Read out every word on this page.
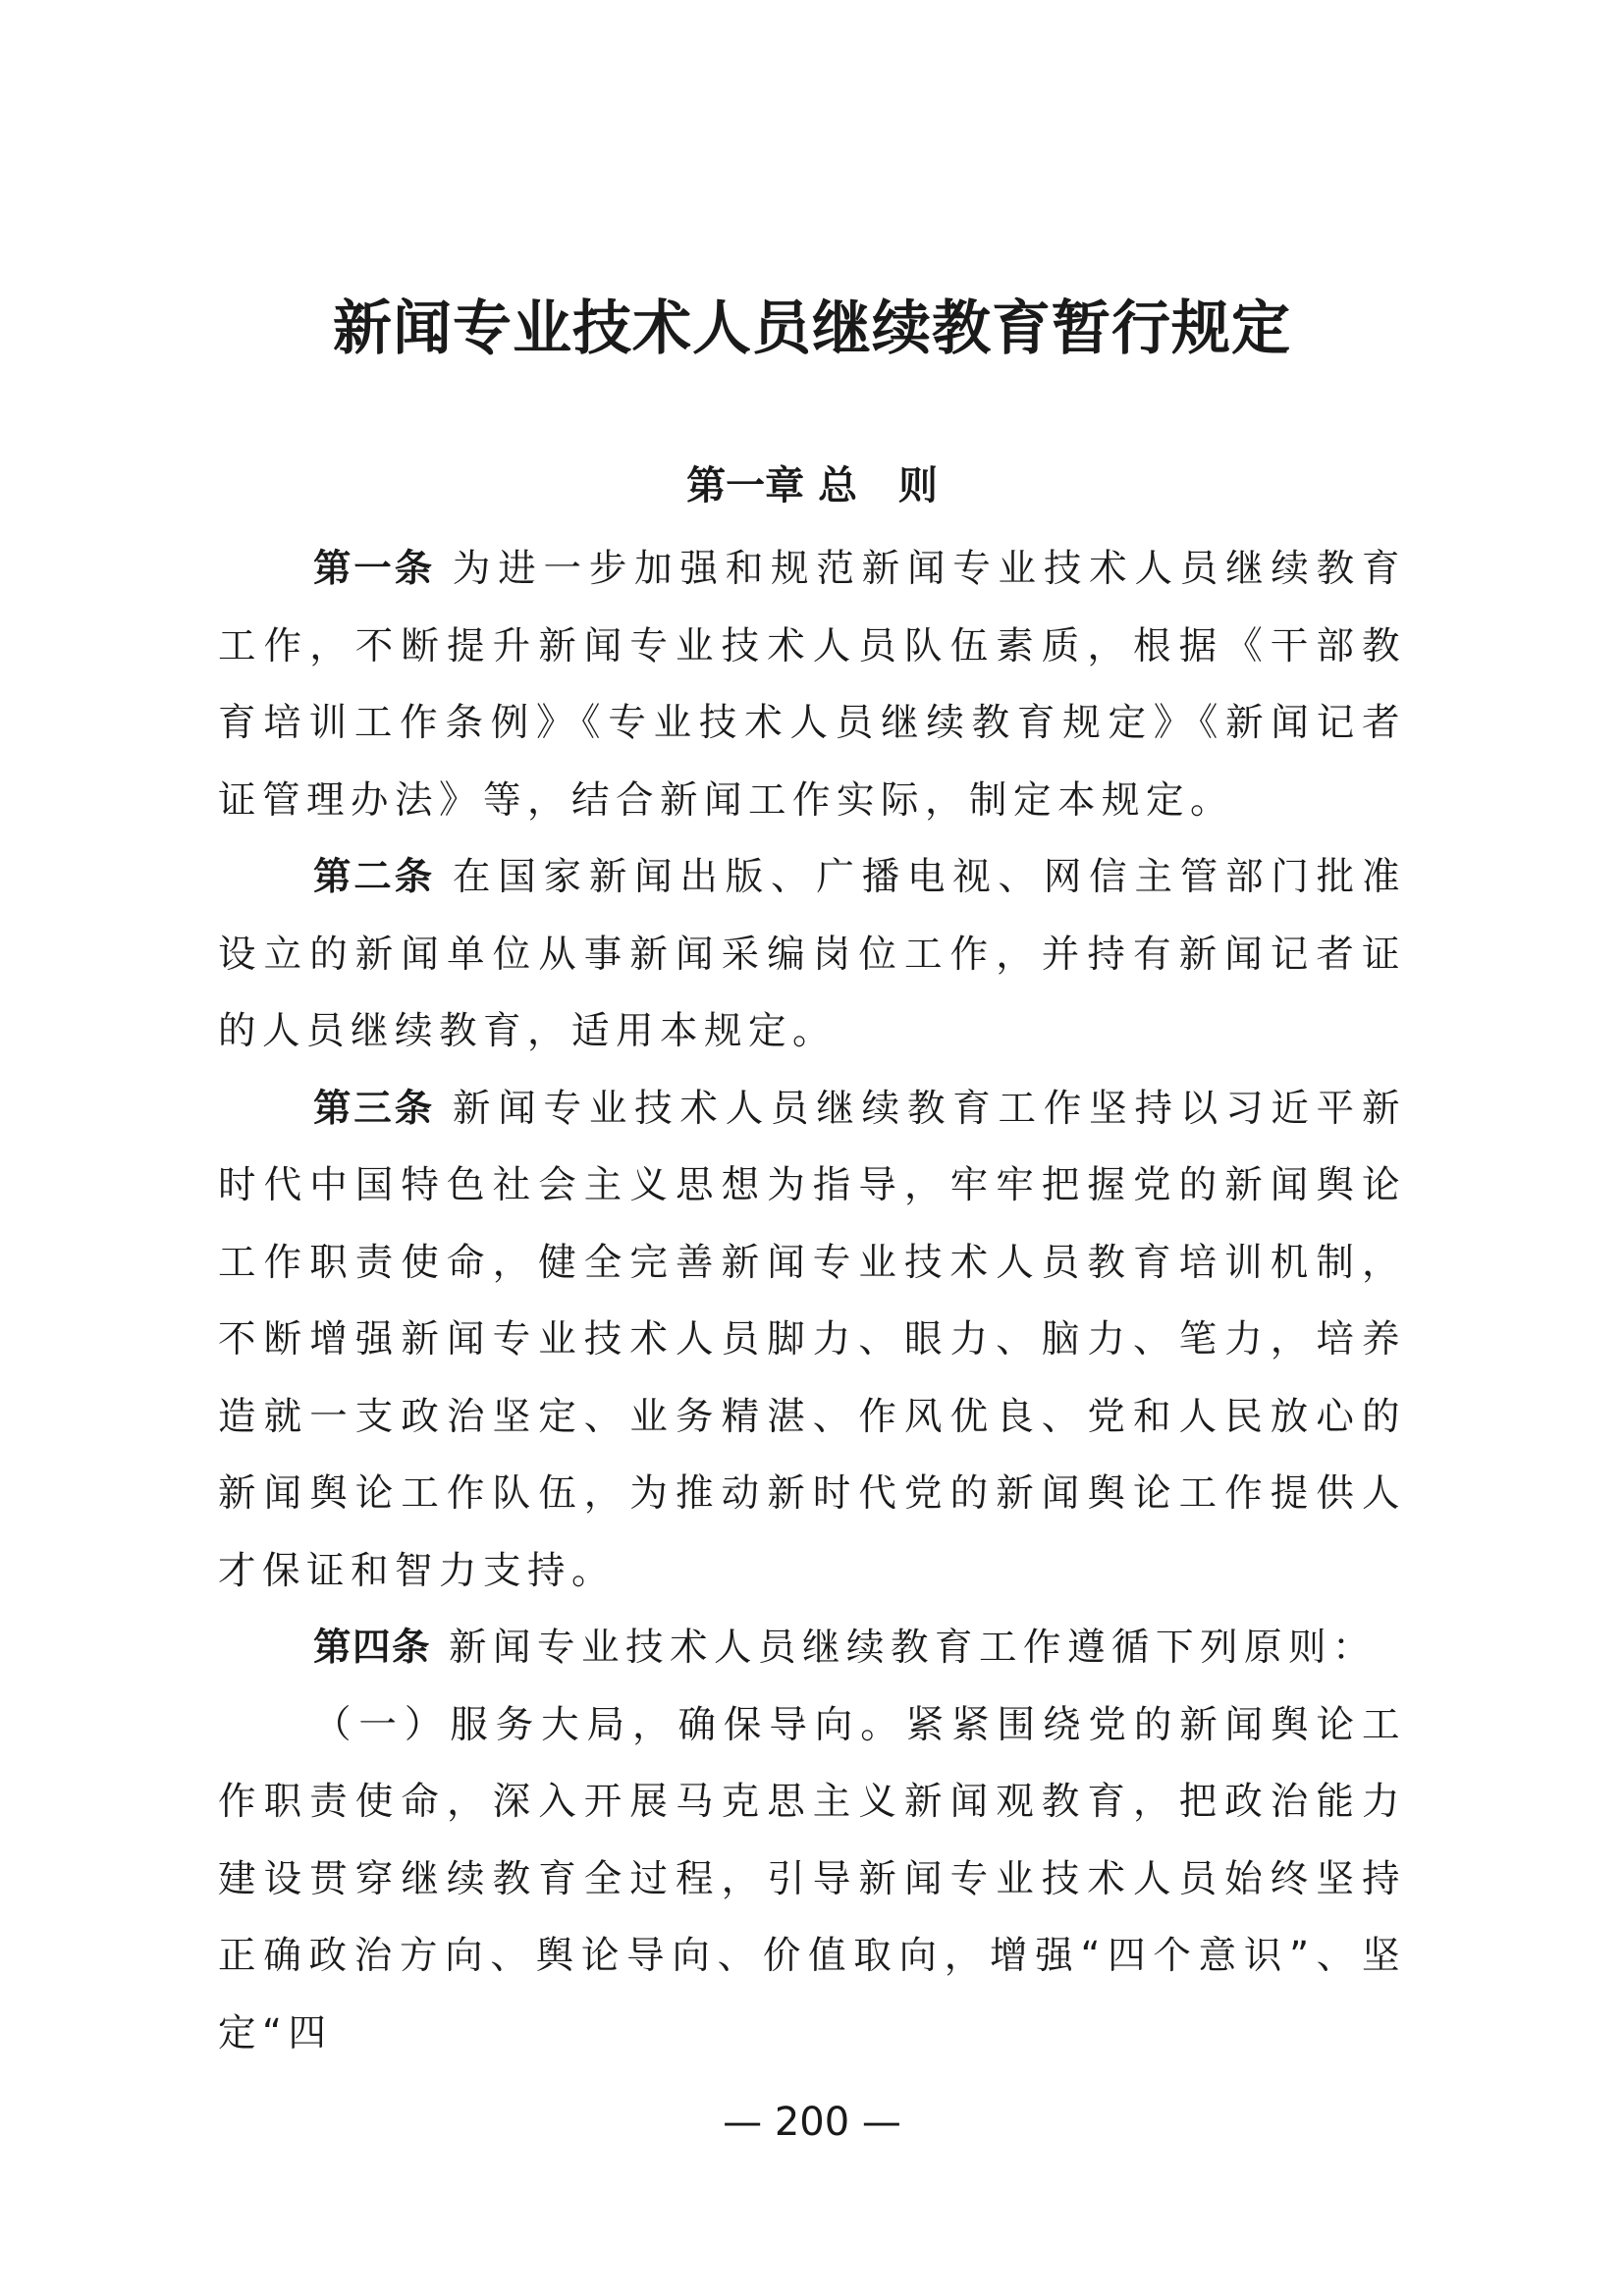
新闻专业技术人员继续教育暂行规定
第一章 总   则

第一条 为进一步加强和规范新闻专业技术人员继续教育工作，不断提升新闻专业技术人员队伍素质，根据《干部教育培训工作条例》《专业技术人员继续教育规定》《新闻记者证管理办法》等，结合新闻工作实际，制定本规定。

第二条 在国家新闻出版、广播电视、网信主管部门批准设立的新闻单位从事新闻采编岗位工作，并持有新闻记者证的人员继续教育，适用本规定。

第三条 新闻专业技术人员继续教育工作坚持以习近平新时代中国特色社会主义思想为指导，牢牢把握党的新闻舆论工作职责使命，健全完善新闻专业技术人员教育培训机制，不断增强新闻专业技术人员脚力、眼力、脑力、笔力，培养造就一支政治坚定、业务精湛、作风优良、党和人民放心的新闻舆论工作队伍，为推动新时代党的新闻舆论工作提供人才保证和智力支持。

第四条 新闻专业技术人员继续教育工作遵循下列原则：

（一）服务大局，确保导向。紧紧围绕党的新闻舆论工作职责使命，深入开展马克思主义新闻观教育，把政治能力建设贯穿继续教育全过程，引导新闻专业技术人员始终坚持正确政治方向、舆论导向、价值取向，增强“四个意识”、坚定“四

— 200 —
